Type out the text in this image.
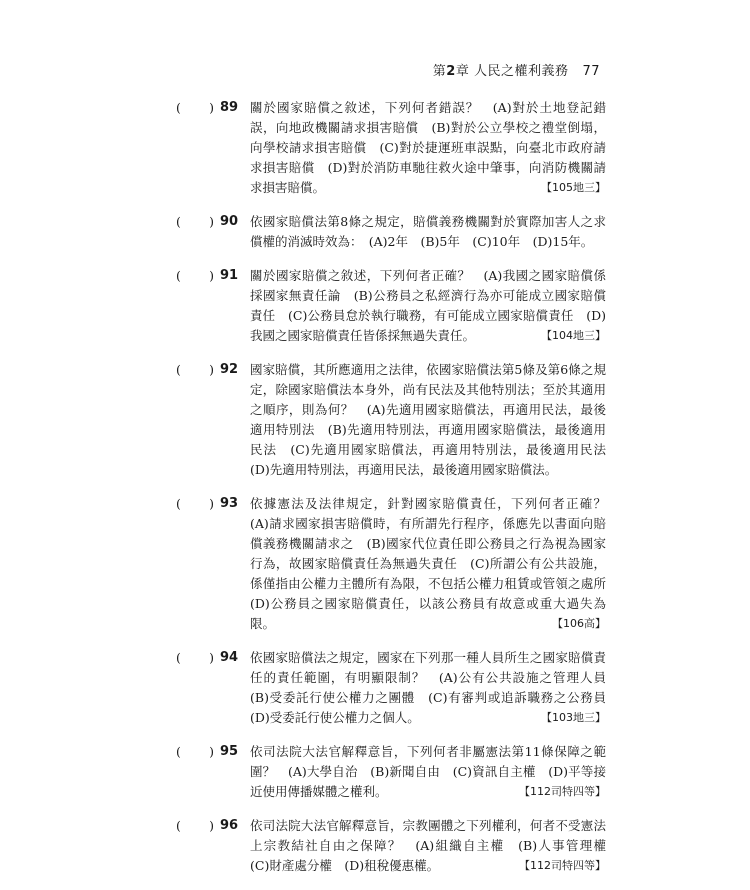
第2章 人民之權利義務 77
( ) 89 關於國家賠償之敘述，下列何者錯誤？　(A)對於土地登記錯誤，向地政機關請求損害賠償　(B)對於公立學校之禮堂倒塌，向學校請求損害賠償　(C)對於捷運班車誤點，向臺北市政府請求損害賠償　(D)對於消防車馳往救火途中肇事，向消防機關請求損害賠償。	【105地三】
( ) 90 依國家賠償法第8條之規定，賠償義務機關對於實際加害人之求償權的消滅時效為：　(A)2年　(B)5年　(C)10年　(D)15年。
( ) 91 關於國家賠償之敘述，下列何者正確？　(A)我國之國家賠償係採國家無責任論　(B)公務員之私經濟行為亦可能成立國家賠償責任　(C)公務員怠於執行職務，有可能成立國家賠償責任　(D)我國之國家賠償責任皆係採無過失責任。	【104地三】
( ) 92 國家賠償，其所應適用之法律，依國家賠償法第5條及第6條之規定，除國家賠償法本身外，尚有民法及其他特別法；至於其適用之順序，則為何？　(A)先適用國家賠償法，再適用民法，最後適用特別法　(B)先適用特別法，再適用國家賠償法，最後適用民法　(C)先適用國家賠償法，再適用特別法，最後適用民法　(D)先適用特別法，再適用民法，最後適用國家賠償法。
( ) 93 依據憲法及法律規定，針對國家賠償責任，下列何者正確？　(A)請求國家損害賠償時，有所謂先行程序，係應先以書面向賠償義務機關請求之　(B)國家代位責任即公務員之行為視為國家行為，故國家賠償責任為無過失責任　(C)所謂公有公共設施，係僅指由公權力主體所有為限，不包括公權力租賃或管領之處所　(D)公務員之國家賠償責任，以該公務員有故意或重大過失為限。	【106高】
( ) 94 依國家賠償法之規定，國家在下列那一種人員所生之國家賠償責任的責任範圍，有明顯限制？　(A)公有公共設施之管理人員　(B)受委託行使公權力之團體　(C)有審判或追訴職務之公務員　(D)受委託行使公權力之個人。	【103地三】
( ) 95 依司法院大法官解釋意旨，下列何者非屬憲法第11條保障之範圍？　(A)大學自治　(B)新聞自由　(C)資訊自主權　(D)平等接近使用傳播媒體之權利。	【112司特四等】
( ) 96 依司法院大法官解釋意旨，宗教團體之下列權利，何者不受憲法上宗教結社自由之保障？　(A)組織自主權　(B)人事管理權　(C)財產處分權　(D)租稅優惠權。	【112司特四等】
